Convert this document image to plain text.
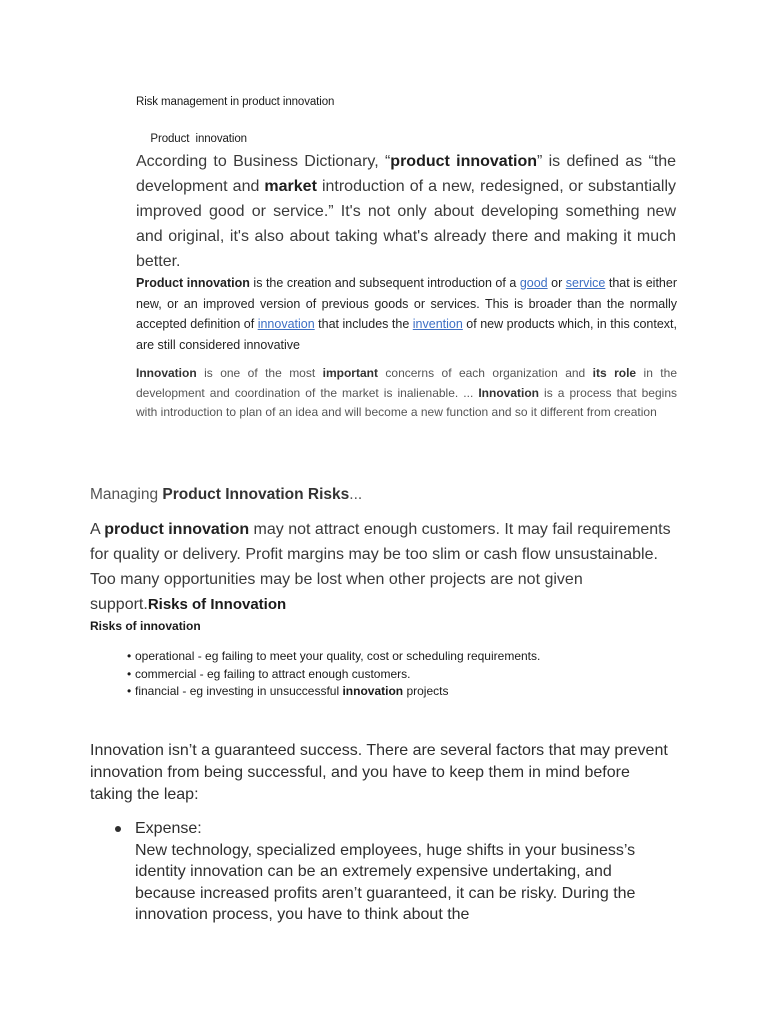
Risk management in product innovation

Product  innovation

According to Business Dictionary, “product innovation” is defined as “the development and market introduction of a new, redesigned, or substantially improved good or service.” It's not only about developing something new and original, it's also about taking what's already there and making it much better.
Product innovation is the creation and subsequent introduction of a good or service that is either new, or an improved version of previous goods or services. This is broader than the normally accepted definition of innovation that includes the invention of new products which, in this context, are still considered innovative
Innovation is one of the most important concerns of each organization and its role in the development and coordination of the market is inalienable. ... Innovation is a process that begins with introduction to plan of an idea and will become a new function and so it different from creation
Managing Product Innovation Risks...
A product innovation may not attract enough customers. It may fail requirements for quality or delivery. Profit margins may be too slim or cash flow unsustainable. Too many opportunities may be lost when other projects are not given support.Risks of Innovation
Risks of innovation
• operational - eg failing to meet your quality, cost or scheduling requirements.
• commercial - eg failing to attract enough customers.
• financial - eg investing in unsuccessful innovation projects
Innovation isn’t a guaranteed success. There are several factors that may prevent innovation from being successful, and you have to keep them in mind before taking the leap:
Expense:
New technology, specialized employees, huge shifts in your business’s identity innovation can be an extremely expensive undertaking, and because increased profits aren’t guaranteed, it can be risky. During the innovation process, you have to think about the
